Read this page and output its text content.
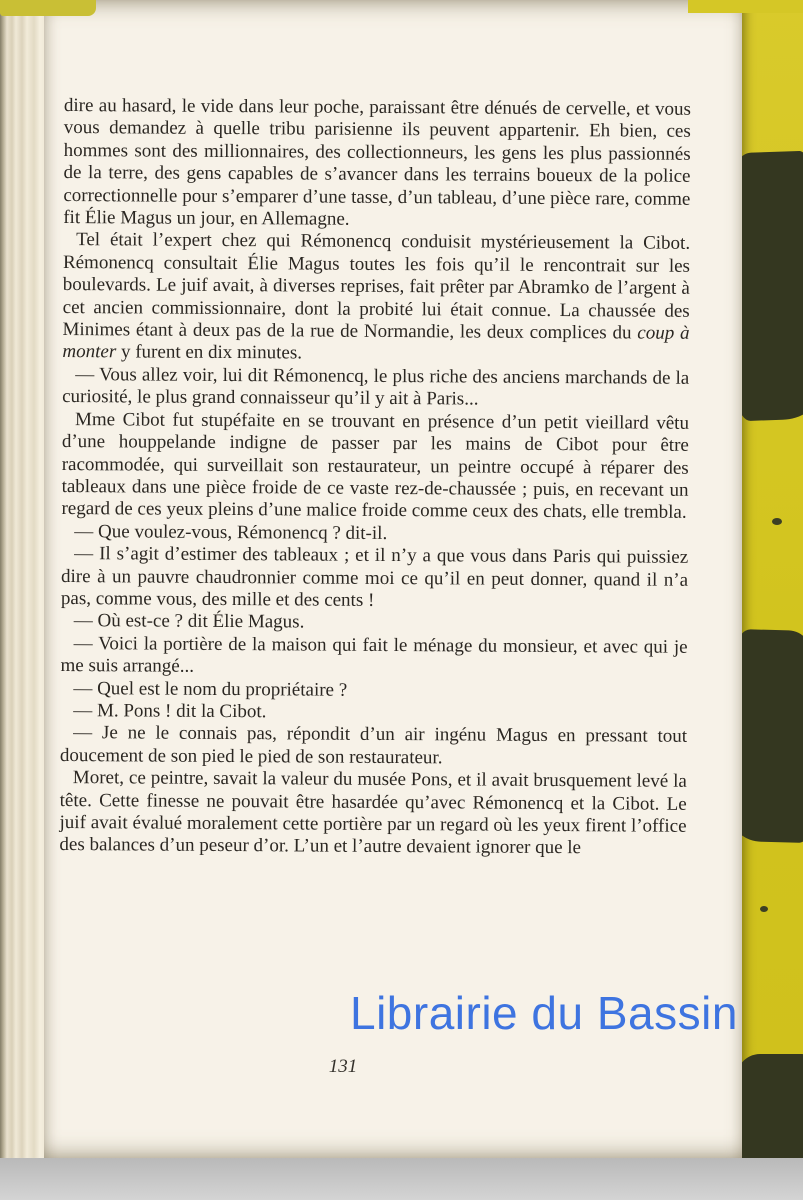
dire au hasard, le vide dans leur poche, paraissant être dénués de cervelle, et vous vous demandez à quelle tribu parisienne ils peuvent appartenir. Eh bien, ces hommes sont des millionnaires, des collectionneurs, les gens les plus passionnés de la terre, des gens capables de s’avancer dans les terrains boueux de la police correctionnelle pour s’emparer d’une tasse, d’un tableau, d’une pièce rare, comme fit Élie Magus un jour, en Allemagne.

Tel était l’expert chez qui Rémonencq conduisit mystérieusement la Cibot. Rémonencq consultait Élie Magus toutes les fois qu’il le rencontrait sur les boulevards. Le juif avait, à diverses reprises, fait prêter par Abramko de l’argent à cet ancien commissionnaire, dont la probité lui était connue. La chaussée des Minimes étant à deux pas de la rue de Normandie, les deux complices du coup à monter y furent en dix minutes.

— Vous allez voir, lui dit Rémonencq, le plus riche des anciens marchands de la curiosité, le plus grand connaisseur qu’il y ait à Paris...

Mme Cibot fut stupéfaite en se trouvant en présence d’un petit vieillard vêtu d’une houppelande indigne de passer par les mains de Cibot pour être racommodée, qui surveillait son restaurateur, un peintre occupé à réparer des tableaux dans une pièce froide de ce vaste rez-de-chaussée ; puis, en recevant un regard de ces yeux pleins d’une malice froide comme ceux des chats, elle trembla.

— Que voulez-vous, Rémonencq ? dit-il.

— Il s’agit d’estimer des tableaux ; et il n’y a que vous dans Paris qui puissiez dire à un pauvre chaudronnier comme moi ce qu’il en peut donner, quand il n’a pas, comme vous, des mille et des cents !

— Où est-ce ? dit Élie Magus.

— Voici la portière de la maison qui fait le ménage du monsieur, et avec qui je me suis arrangé...

— Quel est le nom du propriétaire ?

— M. Pons ! dit la Cibot.

— Je ne le connais pas, répondit d’un air ingénu Magus en pressant tout doucement de son pied le pied de son restaurateur.

Moret, ce peintre, savait la valeur du musée Pons, et il avait brusquement levé la tête. Cette finesse ne pouvait être hasardée qu’avec Rémonencq et la Cibot. Le juif avait évalué moralement cette portière par un regard où les yeux firent l’office des balances d’un peseur d’or. L’un et l’autre devaient ignorer que le

131
Librairie du Bassin
